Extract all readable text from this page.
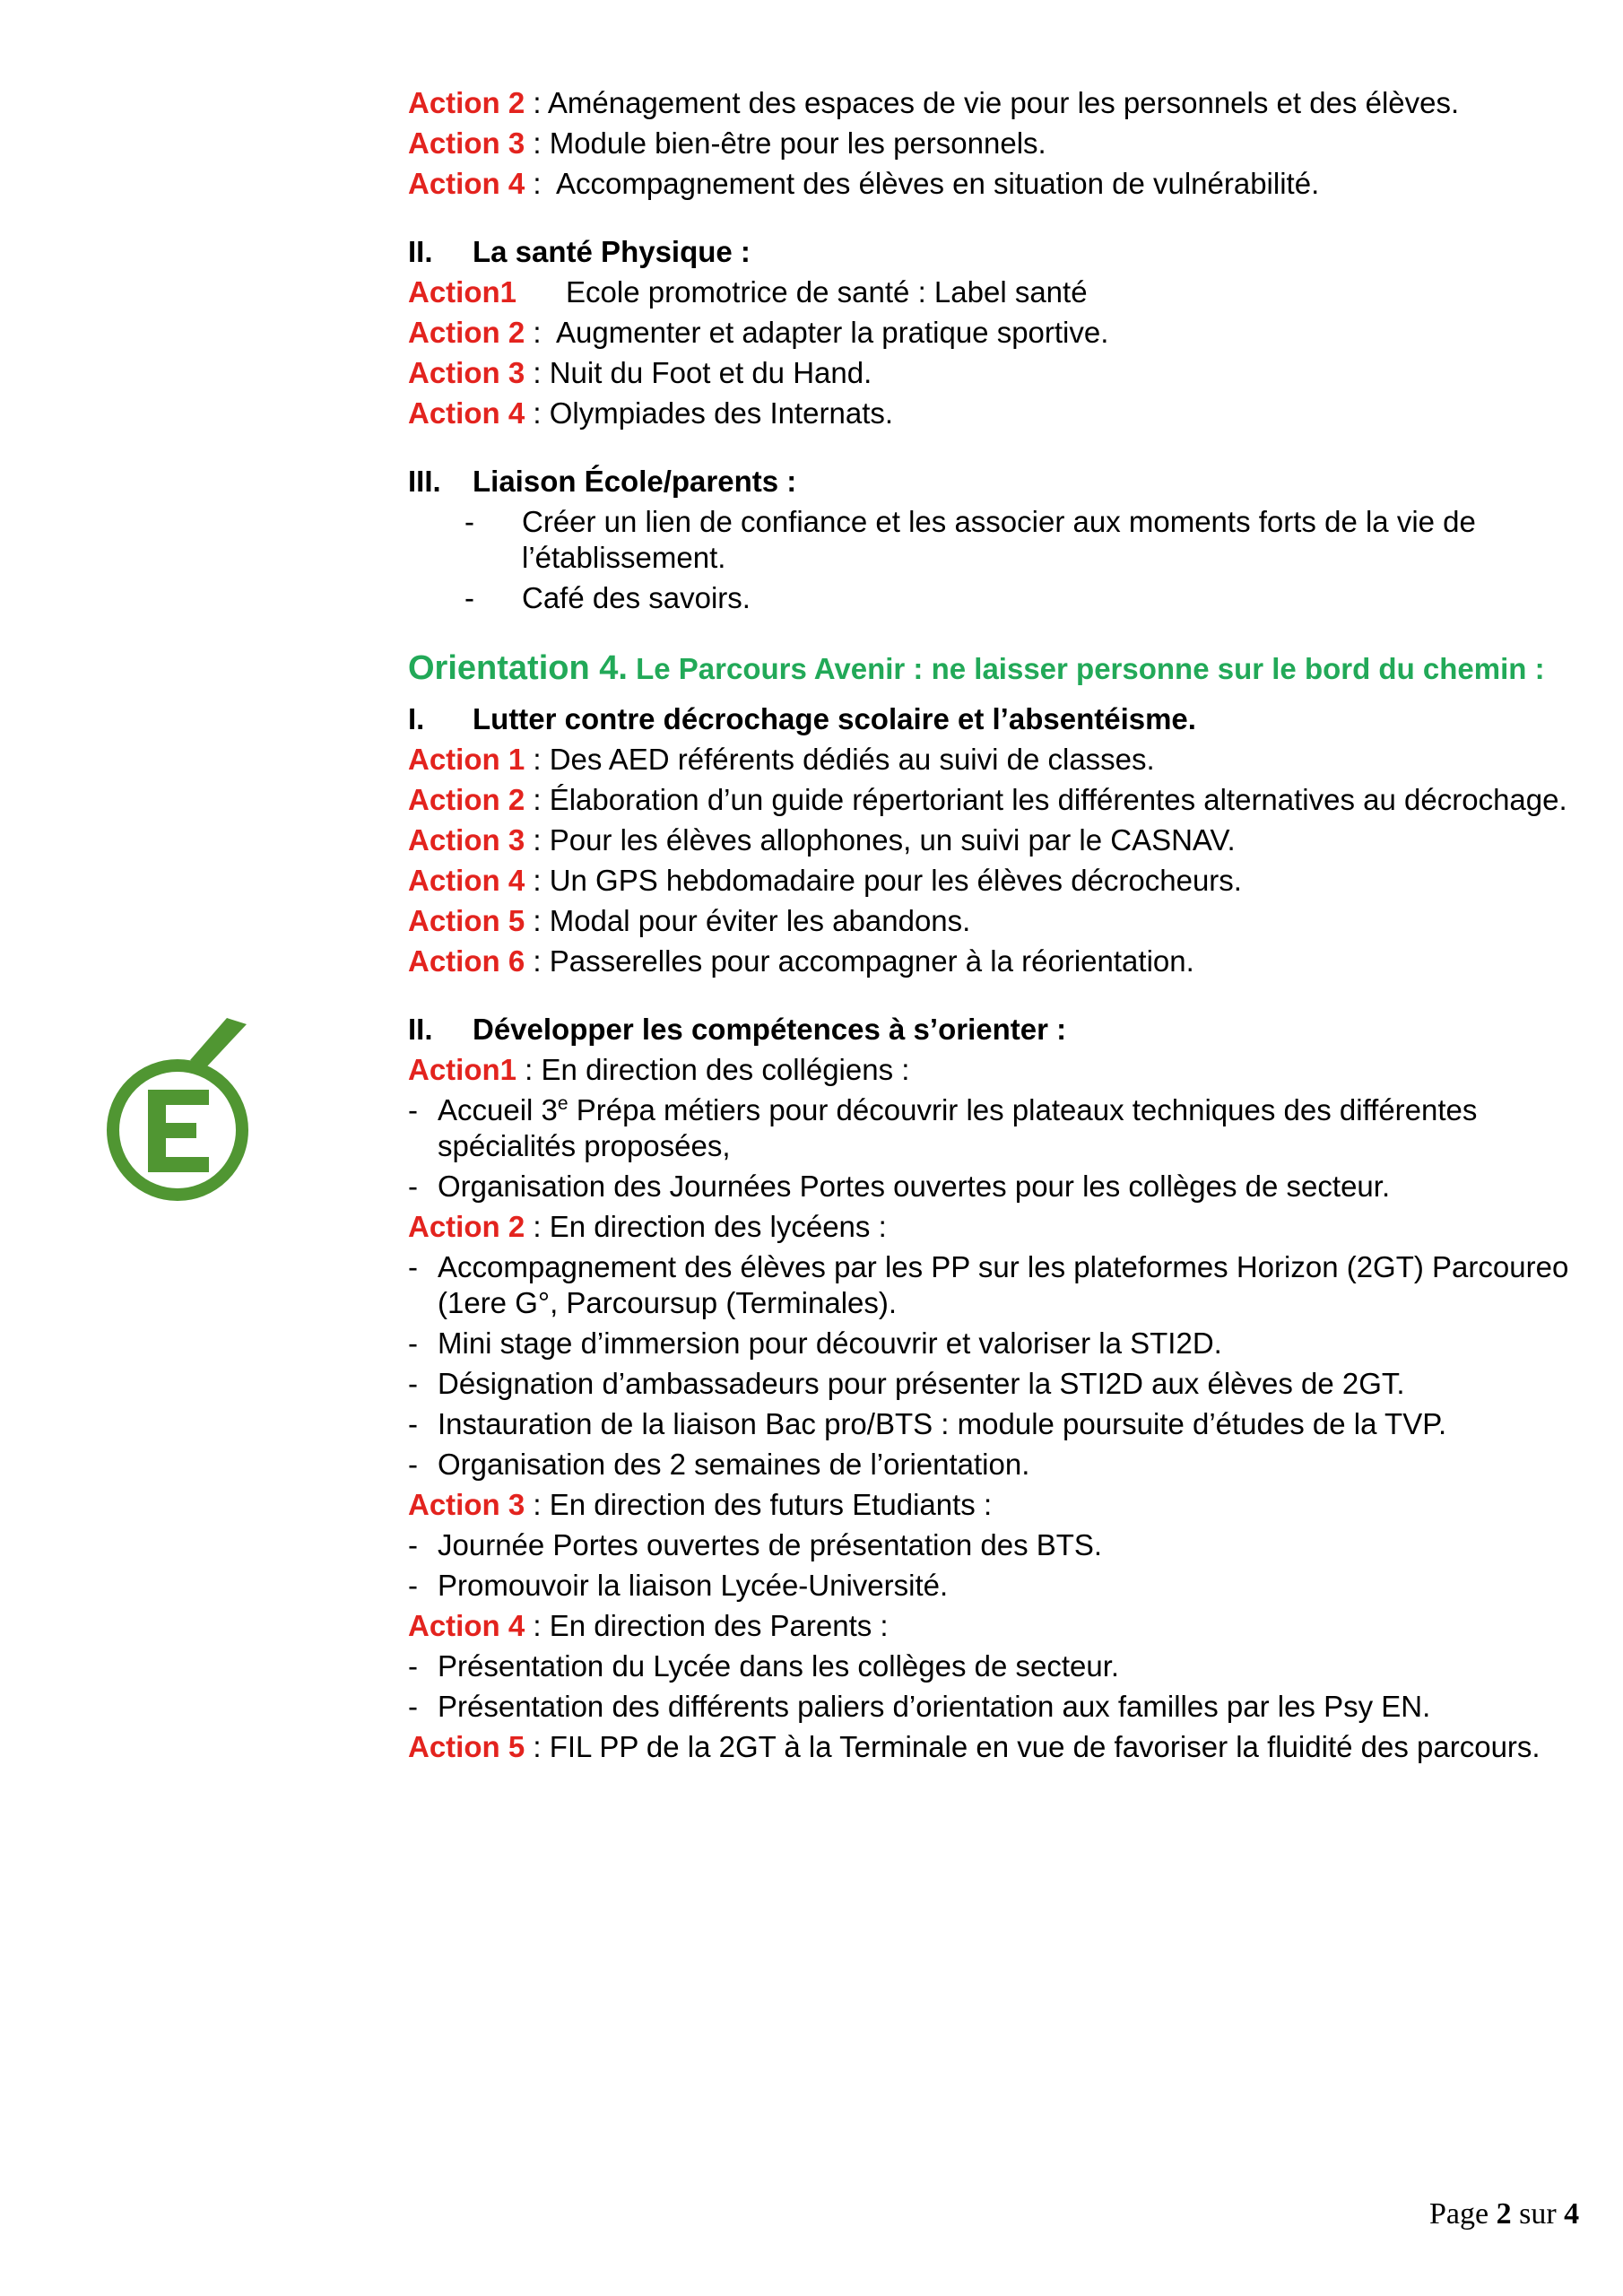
Action 2 : Aménagement des espaces de vie pour les personnels et des élèves.

Action 3 : Module bien-être pour les personnels.

Action 4 :  Accompagnement des élèves en situation de vulnérabilité.

II. La santé Physique :

Action1 Ecole promotrice de santé : Label santé

Action 2 :  Augmenter et adapter la pratique sportive.

Action 3 : Nuit du Foot et du Hand.

Action 4 : Olympiades des Internats.

III. Liaison École/parents :

- Créer un lien de confiance et les associer aux moments forts de la vie de l’établissement.

- Café des savoirs.

Orientation 4. Le Parcours Avenir : ne laisser personne sur le bord du chemin :

I. Lutter contre décrochage scolaire et l’absentéisme.

Action 1 : Des AED référents dédiés au suivi de classes.

Action 2 : Élaboration d’un guide répertoriant les différentes alternatives au décrochage.

Action 3 : Pour les élèves allophones, un suivi par le CASNAV.

Action 4 : Un GPS hebdomadaire pour les élèves décrocheurs.

Action 5 : Modal pour éviter les abandons.

Action 6 : Passerelles pour accompagner à la réorientation.

II. Développer les compétences à s’orienter :

Action1 : En direction des collégiens :

- Accueil 3e Prépa métiers pour découvrir les plateaux techniques des différentes spécialités proposées,

- Organisation des Journées Portes ouvertes pour les collèges de secteur.

Action 2 : En direction des lycéens :

- Accompagnement des élèves par les PP sur les plateformes Horizon (2GT) Parcoureo (1ere G°, Parcoursup (Terminales).

- Mini stage d’immersion pour découvrir et valoriser la STI2D.

- Désignation d’ambassadeurs pour présenter la STI2D aux élèves de 2GT.

- Instauration de la liaison Bac pro/BTS : module poursuite d’études de la TVP.

- Organisation des 2 semaines de l’orientation.

Action 3 : En direction des futurs Etudiants :

- Journée Portes ouvertes de présentation des BTS.

- Promouvoir la liaison Lycée-Université.

Action 4 : En direction des Parents :

- Présentation du Lycée dans les collèges de secteur.

- Présentation des différents paliers d’orientation aux familles par les Psy EN.

Action 5 : FIL PP de la 2GT à la Terminale en vue de favoriser la fluidité des parcours.

Page 2 sur 4
